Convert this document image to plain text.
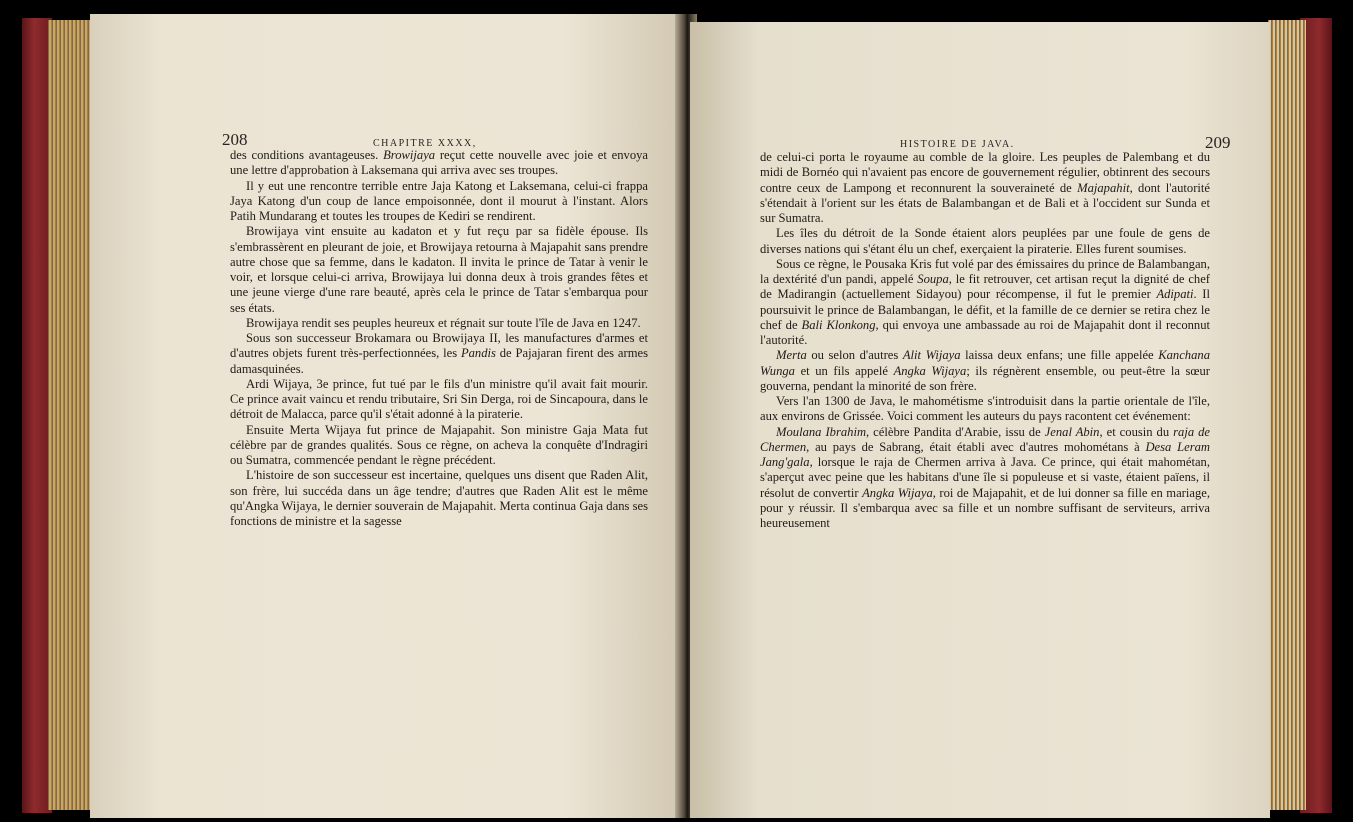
208	CHAPITRE XXXX,

des conditions avantageuses. Browijaya reçut cette nouvelle avec joie et envoya une lettre d'approbation à Laksemana qui arriva avec ses troupes.

Il y eut une rencontre terrible entre Jaja Katong et Laksemana, celui-ci frappa Jaya Katong d'un coup de lance empoisonnée, dont il mourut à l'instant. Alors Patih Mundarang et toutes les troupes de Kediri se rendirent.

Browijaya vint ensuite au kadaton et y fut reçu par sa fidèle épouse. Ils s'embrassèrent en pleurant de joie, et Browijaya retourna à Majapahit sans prendre autre chose que sa femme, dans le kadaton. Il invita le prince de Tatar à venir le voir, et lorsque celui-ci arriva, Browijaya lui donna deux à trois grandes fêtes et une jeune vierge d'une rare beauté, après cela le prince de Tatar s'embarqua pour ses états.

Browijaya rendit ses peuples heureux et régnait sur toute l'île de Java en 1247.

Sous son successeur Brokamara ou Browijaya II, les manufactures d'armes et d'autres objets furent très-perfectionnées, les Pandis de Pajajaran firent des armes damasquinées.

Ardi Wijaya, 3e prince, fut tué par le fils d'un ministre qu'il avait fait mourir. Ce prince avait vaincu et rendu tributaire, Sri Sin Derga, roi de Sincapoura, dans le détroit de Malacca, parce qu'il s'était adonné à la piraterie.

Ensuite Merta Wijaya fut prince de Majapahit. Son ministre Gaja Mata fut célèbre par de grandes qualités. Sous ce règne, on acheva la conquête d'Indragiri ou Sumatra, commencée pendant le règne précédent.

L'histoire de son successeur est incertaine, quelques uns disent que Raden Alit, son frère, lui succéda dans un âge tendre; d'autres que Raden Alit est le même qu'Angka Wijaya, le dernier souverain de Majapahit. Merta continua Gaja dans ses fonctions de ministre et la sagesse

HISTOIRE DE JAVA.	209

de celui-ci porta le royaume au comble de la gloire. Les peuples de Palembang et du midi de Bornéo qui n'avaient pas encore de gouvernement régulier, obtinrent des secours contre ceux de Lampong et reconnurent la souveraineté de Majapahit, dont l'autorité s'étendait à l'orient sur les états de Balambangan et de Bali et à l'occident sur Sunda et sur Sumatra.

Les îles du détroit de la Sonde étaient alors peuplées par une foule de gens de diverses nations qui s'étant élu un chef, exerçaient la piraterie. Elles furent soumises.

Sous ce règne, le Pousaka Kris fut volé par des émissaires du prince de Balambangan, la dextérité d'un pandi, appelé Soupa, le fit retrouver, cet artisan reçut la dignité de chef de Madirangin (actuellement Sidayou) pour récompense, il fut le premier Adipati. Il poursuivit le prince de Balambangan, le défit, et la famille de ce dernier se retira chez le chef de Bali Klonkong, qui envoya une ambassade au roi de Majapahit dont il reconnut l'autorité.

Merta ou selon d'autres Alit Wijaya laissa deux enfans; une fille appelée Kanchana Wunga et un fils appelé Angka Wijaya; ils régnèrent ensemble, ou peut-être la sœur gouverna, pendant la minorité de son frère.

Vers l'an 1300 de Java, le mahométisme s'introduisit dans la partie orientale de l'île, aux environs de Grissée. Voici comment les auteurs du pays racontent cet événement:

Moulana Ibrahim, célèbre Pandita d'Arabie, issu de Jenal Abin, et cousin du raja de Chermen, au pays de Sabrang, était établi avec d'autres mohométans à Desa Leram Jang'gala, lorsque le raja de Chermen arriva à Java. Ce prince, qui était mahométan, s'aperçut avec peine que les habitans d'une île si populeuse et si vaste, étaient païens, il résolut de convertir Angka Wijaya, roi de Majapahit, et de lui donner sa fille en mariage, pour y réussir. Il s'embarqua avec sa fille et un nombre suffisant de serviteurs, arriva heureusement
